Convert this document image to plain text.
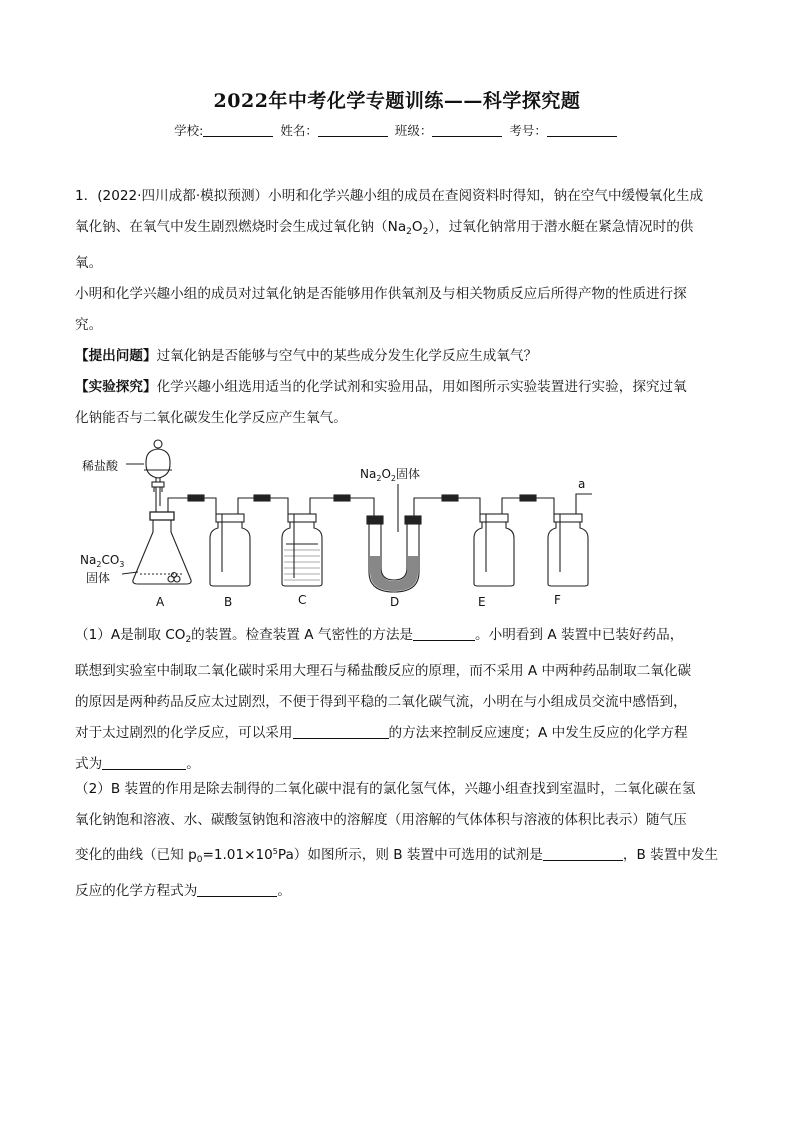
2022年中考化学专题训练——科学探究题
学校:	姓名：	班级：	考号：
1．(2022·四川成都·模拟预测）小明和化学兴趣小组的成员在查阅资料时得知，钠在空气中缓慢氧化生成
氧化钠、在氧气中发生剧烈燃烧时会生成过氧化钠$(Na_2O_2)$，过氧化钠常用于潜水艇在紧急情况时的供
氧。
小明和化学兴趣小组的成员对过氧化钠是否能够用作供氧剂及与相关物质反应后所得产物的性质进行探
究。
【提出问题】过氧化钠是否能够与空气中的某些成分发生化学反应生成氧气？
【实验探究】化学兴趣小组选用适当的化学试剂和实验用品，用如图所示实验装置进行实验，探究过氧
化钠能否与二氧化碳发生化学反应产生氧气。
稀盐酸
$Na_2CO_3$
固体
$Na_2O_2$固体
a
A	B	C	D	E	F
（1）A是制取 $CO_2$的装置。检查装置 A 气密性的方法是	。小明看到 A 装置中已装好药品，
联想到实验室中制取二氧化碳时采用大理石与稀盐酸反应的原理，而不采用 A 中两种药品制取二氧化碳
的原因是两种药品反应太过剧烈，不便于得到平稳的二氧化碳气流，小明在与小组成员交流中感悟到，
对于太过剧烈的化学反应，可以采用	的方法来控制反应速度；A 中发生反应的化学方程
式为	。
（2）B 装置的作用是除去制得的二氧化碳中混有的氯化氢气体，兴趣小组查找到室温时，二氧化碳在氢
氧化钠饱和溶液、水、碳酸氢钠饱和溶液中的溶解度（用溶解的气体体积与溶液的体积比表示）随气压
变化的曲线（已知 $p_0=1.01\times 10^5Pa$）如图所示，则 B 装置中可选用的试剂是	，B 装置中发生
反应的化学方程式为	。
